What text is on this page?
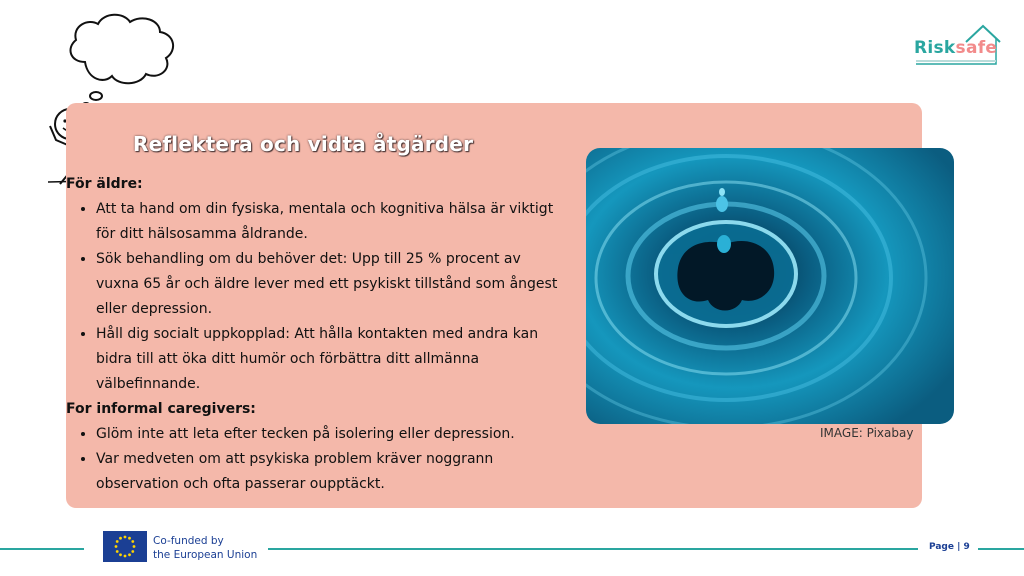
Reflektera och vidta åtgärder

För äldre:

• Att ta hand om din fysiska, mentala och kognitiva hälsa är viktigt för ditt hälsosamma åldrande.
• Sök behandling om du behöver det: Upp till 25 % procent av vuxna 65 år och äldre lever med ett psykiskt tillstånd som ångest eller depression.
• Håll dig socialt uppkopplad: Att hålla kontakten med andra kan bidra till att öka ditt humör och förbättra ditt allmänna välbefinnande.

For informal caregivers:

• Glöm inte att leta efter tecken på isolering eller depression.
• Var medveten om att psykiska problem kräver noggrann observation och ofta passerar oupptäckt.
IMAGE: Pixabay
Risksafe
Co-funded by
the European Union
Page | 9
